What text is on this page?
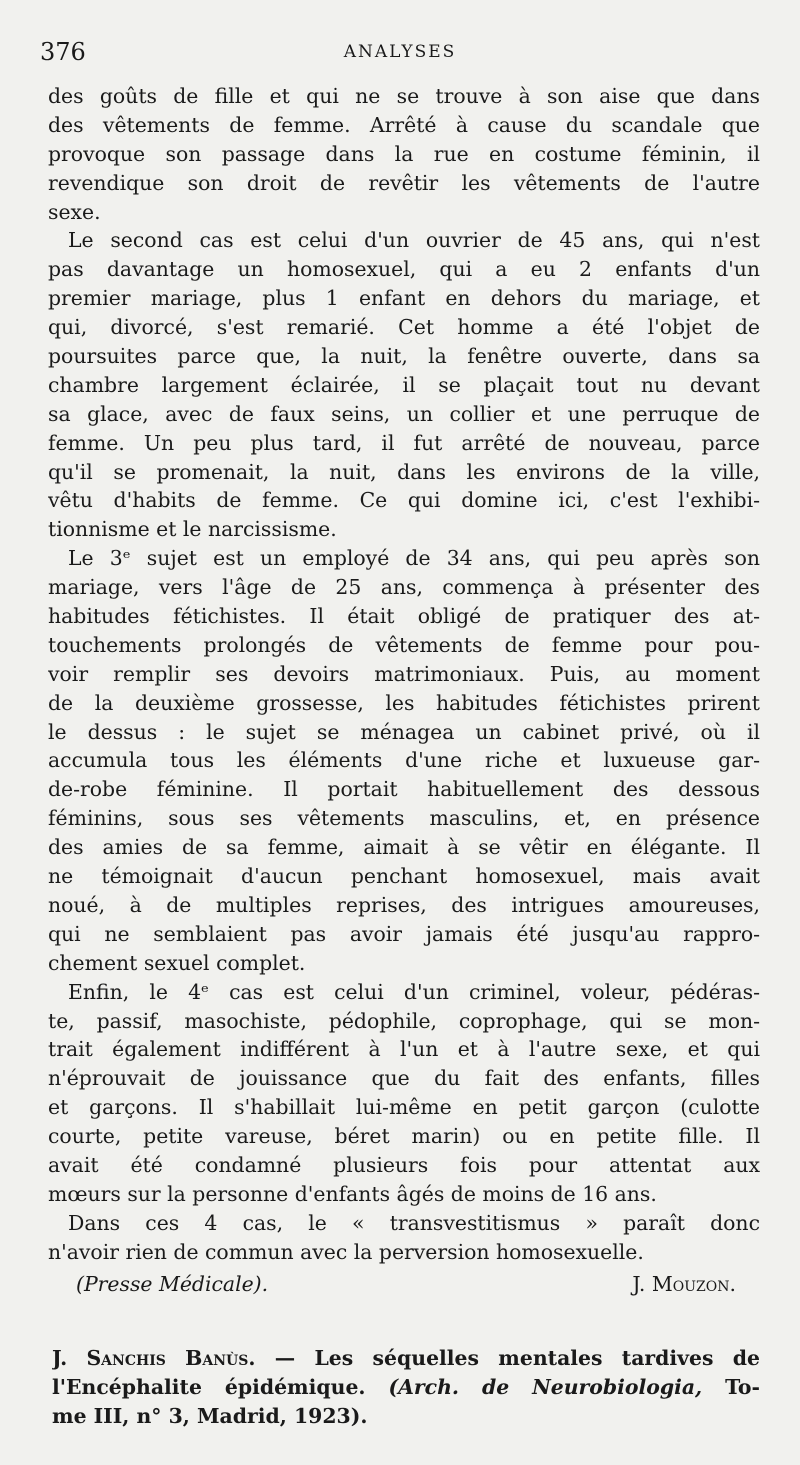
376	ANALYSES
des goûts de fille et qui ne se trouve à son aise que dans
des vêtements de femme. Arrêté à cause du scandale que
provoque son passage dans la rue en costume féminin, il
revendique son droit de revêtir les vêtements de l'autre
sexe.
Le second cas est celui d'un ouvrier de 45 ans, qui n'est
pas davantage un homosexuel, qui a eu 2 enfants d'un
premier mariage, plus 1 enfant en dehors du mariage, et
qui, divorcé, s'est remarié. Cet homme a été l'objet de
poursuites parce que, la nuit, la fenêtre ouverte, dans sa
chambre largement éclairée, il se plaçait tout nu devant
sa glace, avec de faux seins, un collier et une perruque de
femme. Un peu plus tard, il fut arrêté de nouveau, parce
qu'il se promenait, la nuit, dans les environs de la ville,
vêtu d'habits de femme. Ce qui domine ici, c'est l'exhibi-
tionnisme et le narcissisme.
Le 3ᵉ sujet est un employé de 34 ans, qui peu après son
mariage, vers l'âge de 25 ans, commença à présenter des
habitudes fétichistes. Il était obligé de pratiquer des at-
touchements prolongés de vêtements de femme pour pou-
voir remplir ses devoirs matrimoniaux. Puis, au moment
de la deuxième grossesse, les habitudes fétichistes prirent
le dessus : le sujet se ménagea un cabinet privé, où il
accumula tous les éléments d'une riche et luxueuse gar-
de-robe féminine. Il portait habituellement des dessous
féminins, sous ses vêtements masculins, et, en présence
des amies de sa femme, aimait à se vêtir en élégante. Il
ne témoignait d'aucun penchant homosexuel, mais avait
noué, à de multiples reprises, des intrigues amoureuses,
qui ne semblaient pas avoir jamais été jusqu'au rappro-
chement sexuel complet.
Enfin, le 4ᵉ cas est celui d'un criminel, voleur, pédéras-
te, passif, masochiste, pédophile, coprophage, qui se mon-
trait également indifférent à l'un et à l'autre sexe, et qui
n'éprouvait de jouissance que du fait des enfants, filles
et garçons. Il s'habillait lui-même en petit garçon (culotte
courte, petite vareuse, béret marin) ou en petite fille. Il
avait été condamné plusieurs fois pour attentat aux
mœurs sur la personne d'enfants âgés de moins de 16 ans.
Dans ces 4 cas, le « transvestitismus » paraît donc
n'avoir rien de commun avec la perversion homosexuelle.
(Presse Médicale).	J. Mouzon.
J. Sanchis Banùs. — Les séquelles mentales tardives de
l'Encéphalite épidémique. (Arch. de Neurobiologia, To-
me III, n° 3, Madrid, 1923).
